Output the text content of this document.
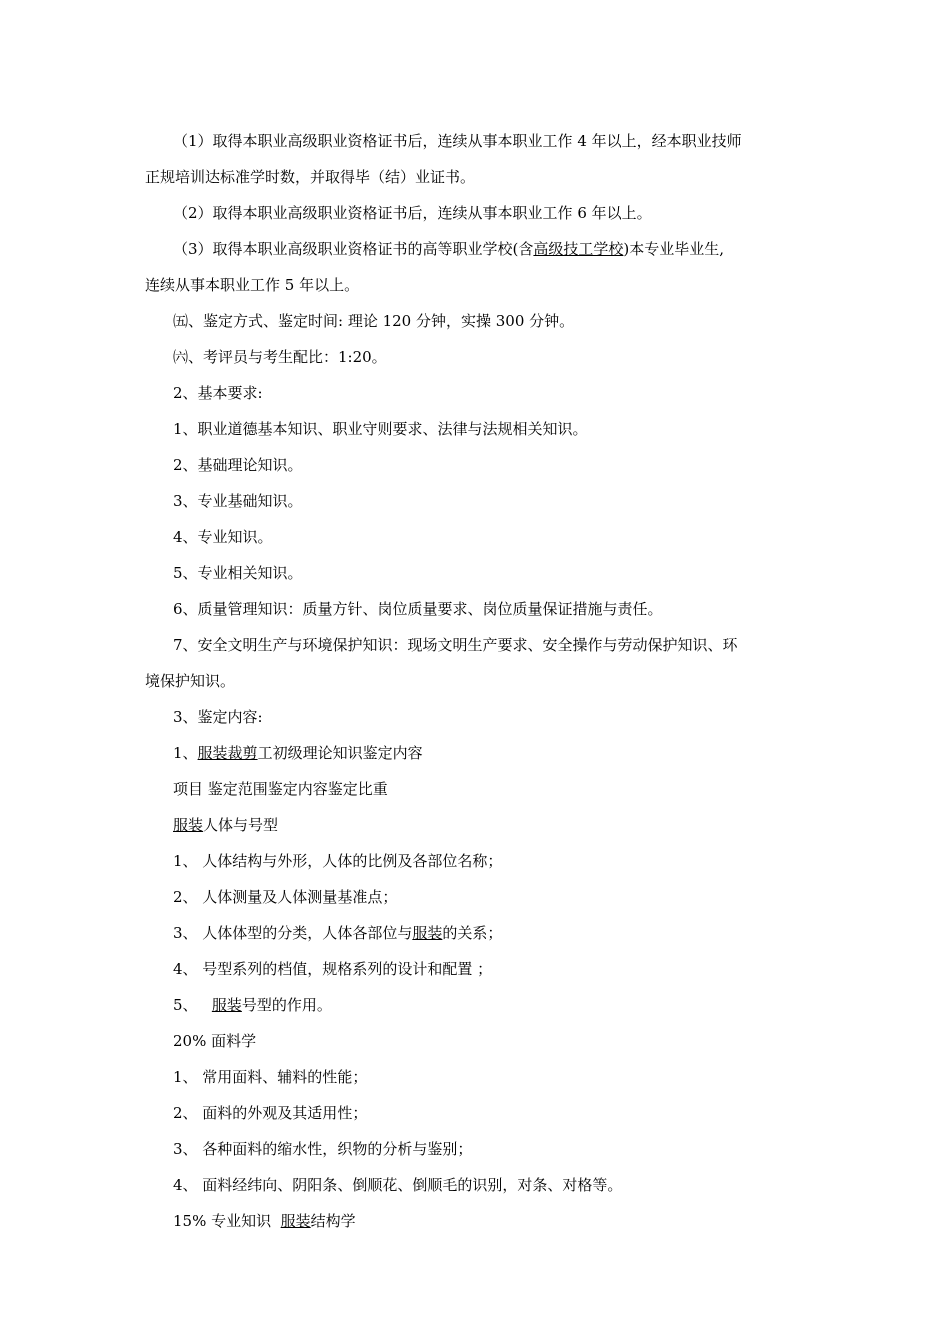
（1）取得本职业高级职业资格证书后，连续从事本职业工作 4 年以上，经本职业技师

正规培训达标准学时数，并取得毕（结）业证书。

（2）取得本职业高级职业资格证书后，连续从事本职业工作 6 年以上。

（3）取得本职业高级职业资格证书的高等职业学校(含高级技工学校)本专业毕业生,

连续从事本职业工作 5 年以上。

㈤、鉴定方式、鉴定时间: 理论 120 分钟，实操 300 分钟。

㈥、考评员与考生配比：1:20。

2、基本要求:

1、职业道德基本知识、职业守则要求、法律与法规相关知识。

2、基础理论知识。

3、专业基础知识。

4、专业知识。

5、专业相关知识。

6、质量管理知识：质量方针、岗位质量要求、岗位质量保证措施与责任。

7、安全文明生产与环境保护知识：现场文明生产要求、安全操作与劳动保护知识、环

境保护知识。

3、鉴定内容:

1、服装裁剪工初级理论知识鉴定内容

项目 鉴定范围鉴定内容鉴定比重

服装人体与号型

1、 人体结构与外形，人体的比例及各部位名称；

2、 人体测量及人体测量基准点；

3、 人体体型的分类，人体各部位与服装的关系；

4、 号型系列的档值，规格系列的设计和配置 ；

5、   服装号型的作用。

20% 面料学

1、 常用面料、辅料的性能；

2、 面料的外观及其适用性；

3、 各种面料的缩水性，织物的分析与鉴别；

4、 面料经纬向、阴阳条、倒顺花、倒顺毛的识别，对条、对格等。

15% 专业知识  服装结构学
